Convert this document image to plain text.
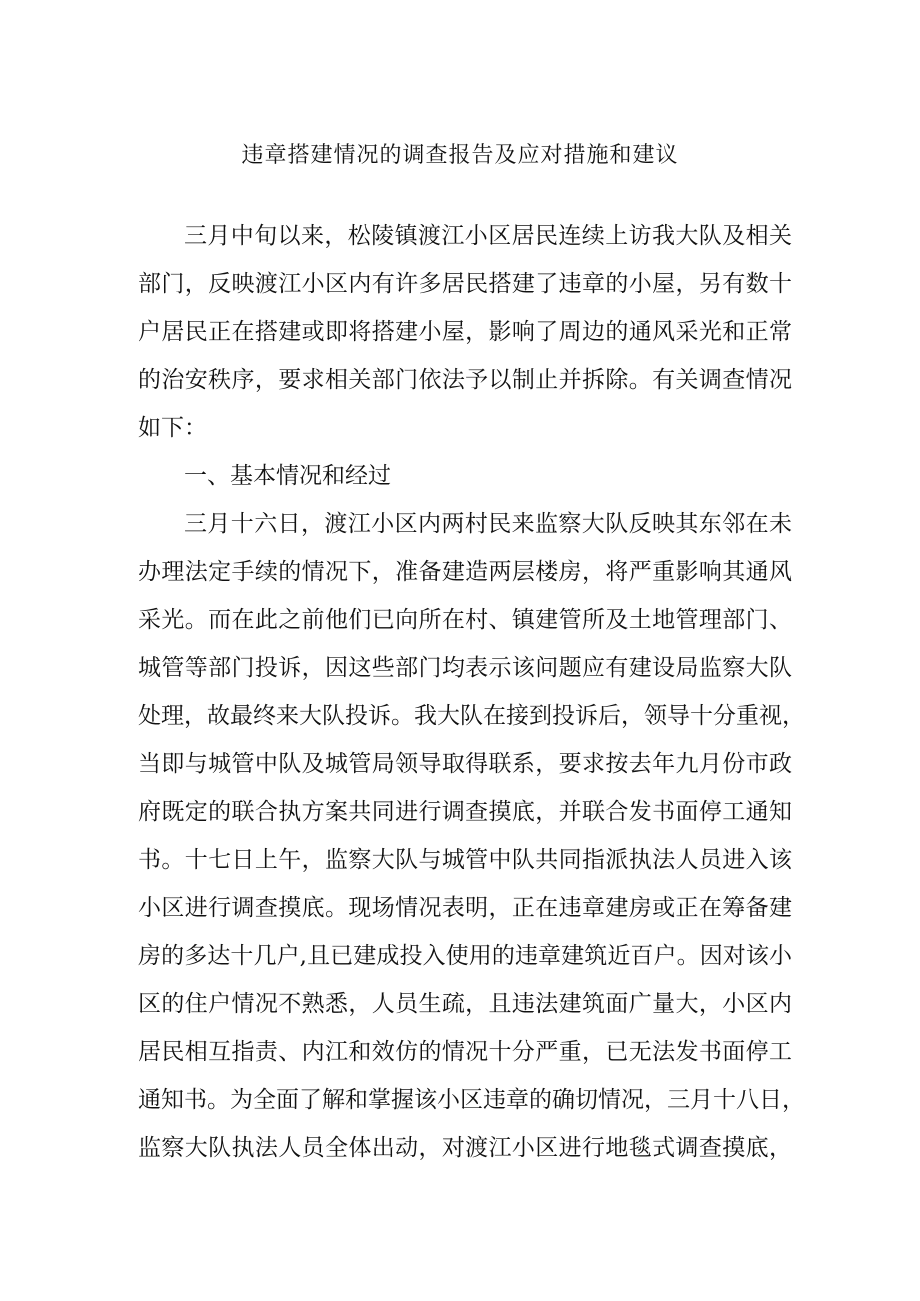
违章搭建情况的调查报告及应对措施和建议
三月中旬以来，松陵镇渡江小区居民连续上访我大队及相关
部门，反映渡江小区内有许多居民搭建了违章的小屋，另有数十
户居民正在搭建或即将搭建小屋，影响了周边的通风采光和正常
的治安秩序，要求相关部门依法予以制止并拆除。有关调查情况
如下：
一、基本情况和经过
三月十六日，渡江小区内两村民来监察大队反映其东邻在未
办理法定手续的情况下，准备建造两层楼房，将严重影响其通风
采光。而在此之前他们已向所在村、镇建管所及土地管理部门、
城管等部门投诉，因这些部门均表示该问题应有建设局监察大队
处理，故最终来大队投诉。我大队在接到投诉后，领导十分重视，
当即与城管中队及城管局领导取得联系，要求按去年九月份市政
府既定的联合执方案共同进行调查摸底，并联合发书面停工通知
书。十七日上午，监察大队与城管中队共同指派执法人员进入该
小区进行调查摸底。现场情况表明，正在违章建房或正在筹备建
房的多达十几户,且已建成投入使用的违章建筑近百户。因对该小
区的住户情况不熟悉，人员生疏，且违法建筑面广量大，小区内
居民相互指责、内江和效仿的情况十分严重，已无法发书面停工
通知书。为全面了解和掌握该小区违章的确切情况，三月十八日，
监察大队执法人员全体出动，对渡江小区进行地毯式调查摸底，
